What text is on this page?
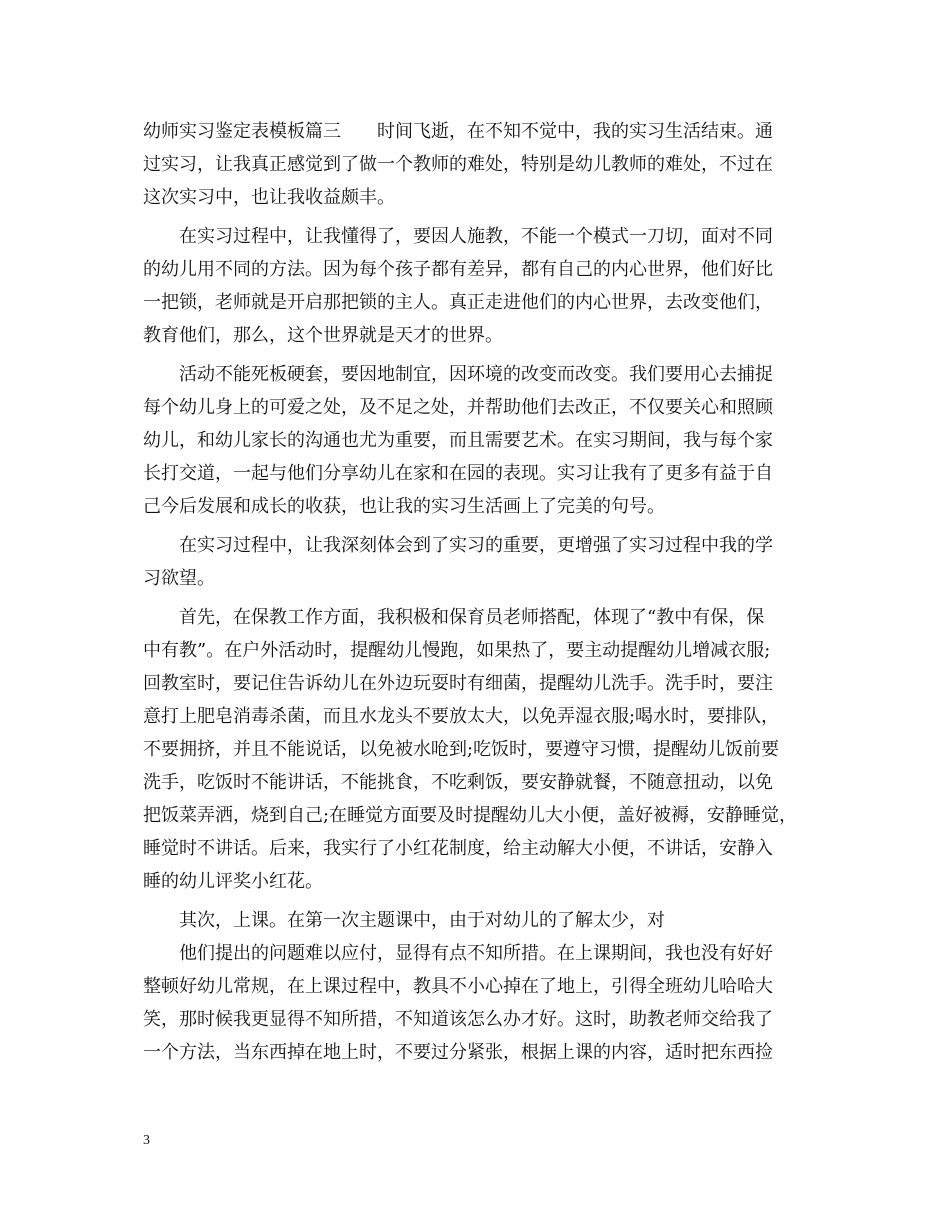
幼师实习鉴定表模板篇三　　时间飞逝，在不知不觉中，我的实习生活结束。通
过实习，让我真正感觉到了做一个教师的难处，特别是幼儿教师的难处，不过在
这次实习中，也让我收益颇丰。
在实习过程中，让我懂得了，要因人施教，不能一个模式一刀切，面对不同
的幼儿用不同的方法。因为每个孩子都有差异，都有自己的内心世界，他们好比
一把锁，老师就是开启那把锁的主人。真正走进他们的内心世界，去改变他们，
教育他们，那么，这个世界就是天才的世界。
活动不能死板硬套，要因地制宜，因环境的改变而改变。我们要用心去捕捉
每个幼儿身上的可爱之处，及不足之处，并帮助他们去改正，不仅要关心和照顾
幼儿，和幼儿家长的沟通也尤为重要，而且需要艺术。在实习期间，我与每个家
长打交道，一起与他们分享幼儿在家和在园的表现。实习让我有了更多有益于自
己今后发展和成长的收获，也让我的实习生活画上了完美的句号。
在实习过程中，让我深刻体会到了实习的重要，更增强了实习过程中我的学
习欲望。
首先，在保教工作方面，我积极和保育员老师搭配，体现了“教中有保，保
中有教”。在户外活动时，提醒幼儿慢跑，如果热了，要主动提醒幼儿增减衣服;
回教室时，要记住告诉幼儿在外边玩耍时有细菌，提醒幼儿洗手。洗手时，要注
意打上肥皂消毒杀菌，而且水龙头不要放太大，以免弄湿衣服;喝水时，要排队，
不要拥挤，并且不能说话，以免被水呛到;吃饭时，要遵守习惯，提醒幼儿饭前要
洗手，吃饭时不能讲话，不能挑食，不吃剩饭，要安静就餐，不随意扭动，以免
把饭菜弄洒，烧到自己;在睡觉方面要及时提醒幼儿大小便，盖好被褥，安静睡觉，
睡觉时不讲话。后来，我实行了小红花制度，给主动解大小便，不讲话，安静入
睡的幼儿评奖小红花。
其次，上课。在第一次主题课中，由于对幼儿的了解太少，对
他们提出的问题难以应付，显得有点不知所措。在上课期间，我也没有好好
整顿好幼儿常规，在上课过程中，教具不小心掉在了地上，引得全班幼儿哈哈大
笑，那时候我更显得不知所措，不知道该怎么办才好。这时，助教老师交给我了
一个方法，当东西掉在地上时，不要过分紧张，根据上课的内容，适时把东西捡
3
